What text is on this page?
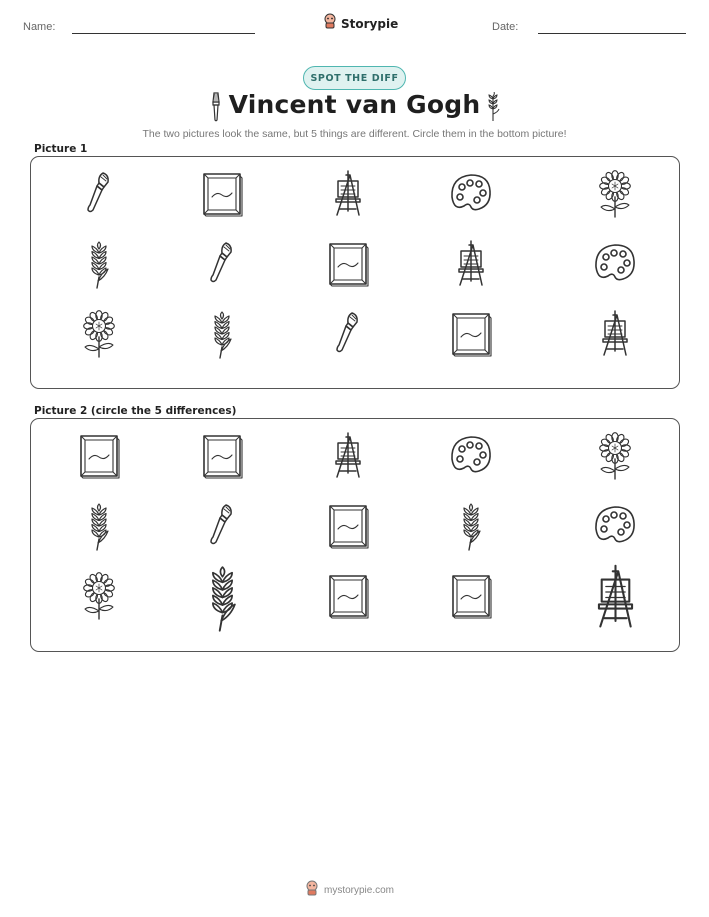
Name:	Storypie	Date:
SPOT THE DIFF
Vincent van Gogh
The two pictures look the same, but 5 things are different. Circle them in the bottom picture!
Picture 1
Picture 2 (circle the 5 differences)
mystorypie.com
